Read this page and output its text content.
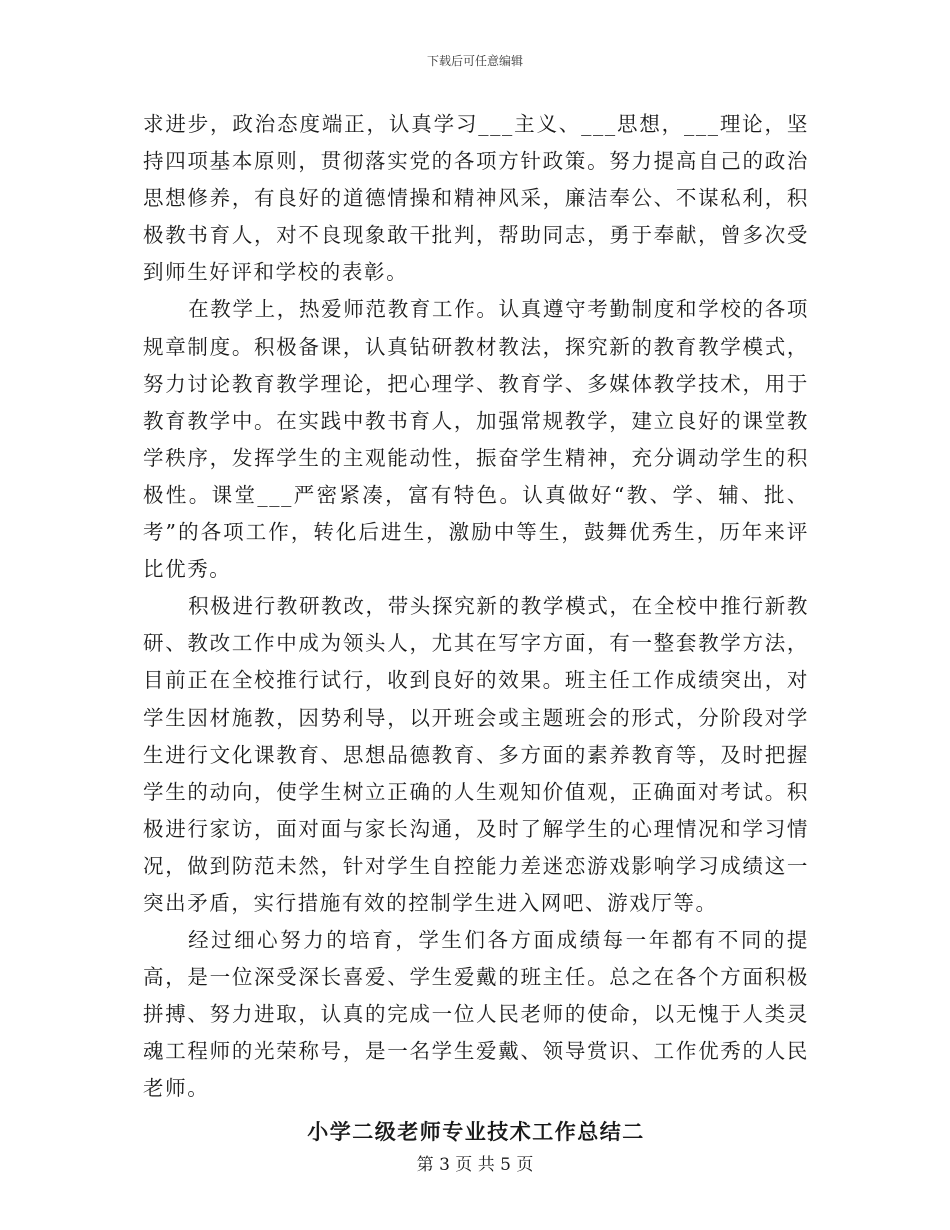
下载后可任意编辑

求进步，政治态度端正，认真学习___主义、___思想，___理论，坚持四项基本原则，贯彻落实党的各项方针政策。努力提高自己的政治思想修养，有良好的道德情操和精神风采，廉洁奉公、不谋私利，积极教书育人，对不良现象敢干批判，帮助同志，勇于奉献，曾多次受到师生好评和学校的表彰。

在教学上，热爱师范教育工作。认真遵守考勤制度和学校的各项规章制度。积极备课，认真钻研教材教法，探究新的教育教学模式，努力讨论教育教学理论，把心理学、教育学、多媒体教学技术，用于教育教学中。在实践中教书育人，加强常规教学，建立良好的课堂教学秩序，发挥学生的主观能动性，振奋学生精神，充分调动学生的积极性。课堂___严密紧凑，富有特色。认真做好“教、学、辅、批、考”的各项工作，转化后进生，激励中等生，鼓舞优秀生，历年来评比优秀。

积极进行教研教改，带头探究新的教学模式，在全校中推行新教研、教改工作中成为领头人，尤其在写字方面，有一整套教学方法，目前正在全校推行试行，收到良好的效果。班主任工作成绩突出，对学生因材施教，因势利导，以开班会或主题班会的形式，分阶段对学生进行文化课教育、思想品德教育、多方面的素养教育等，及时把握学生的动向，使学生树立正确的人生观知价值观，正确面对考试。积极进行家访，面对面与家长沟通，及时了解学生的心理情况和学习情况，做到防范未然，针对学生自控能力差迷恋游戏影响学习成绩这一突出矛盾，实行措施有效的控制学生进入网吧、游戏厅等。

经过细心努力的培育，学生们各方面成绩每一年都有不同的提高，是一位深受深长喜爱、学生爱戴的班主任。总之在各个方面积极拼搏、努力进取，认真的完成一位人民老师的使命，以无愧于人类灵魂工程师的光荣称号，是一名学生爱戴、领导赏识、工作优秀的人民老师。

小学二级老师专业技术工作总结二
第 3 页 共 5 页
